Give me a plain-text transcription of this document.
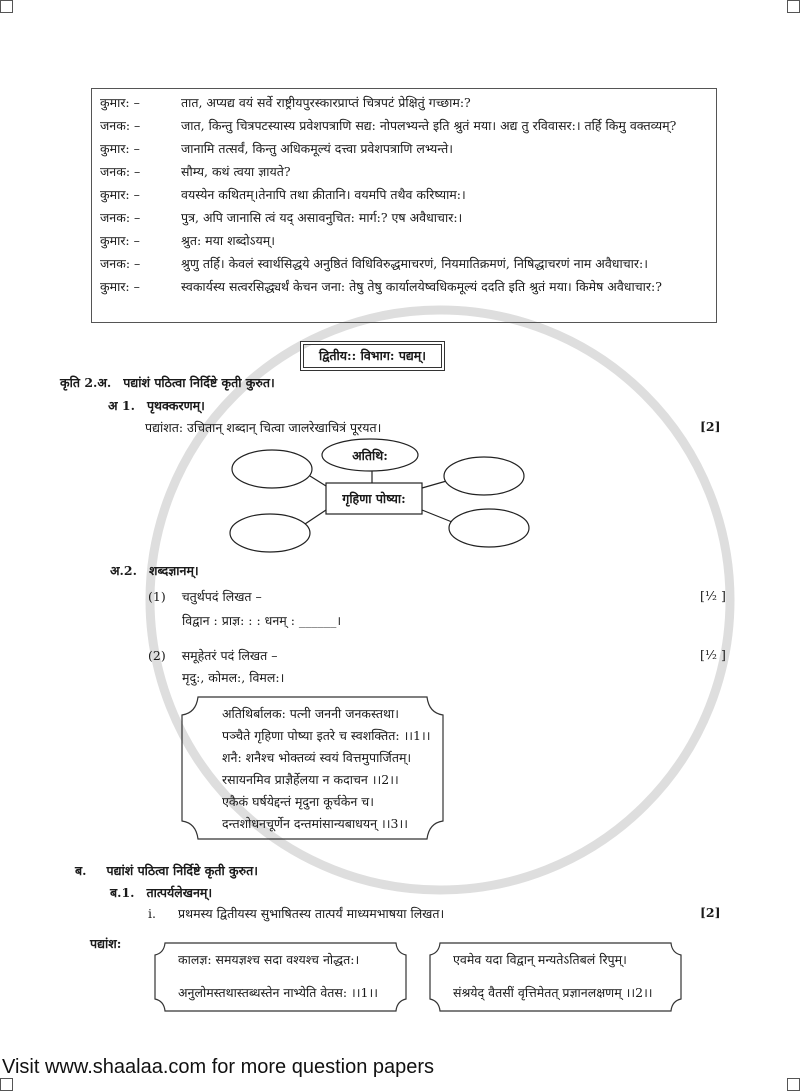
कुमार: –	तात, अप्यद्य वयं सर्वे राष्ट्रीयपुरस्कारप्राप्तं चित्रपटं प्रेक्षितुं गच्छाम:?
जनक: –	जात, किन्तु चित्रपटस्यास्य प्रवेशपत्राणि सद्य: नोपलभ्यन्ते इति श्रुतं मया। अद्य तु रविवासर:। तर्हि किमु वक्तव्यम्?
कुमार: –	जानामि तत्सर्वं, किन्तु अधिकमूल्यं दत्त्वा प्रवेशपत्राणि लभ्यन्ते।
जनक: –	सौम्य, कथं त्वया ज्ञायते?
कुमार: –	वयस्येन कथितम्।तेनापि तथा क्रीतानि। वयमपि तथैव करिष्याम:।
जनक: –	पुत्र, अपि जानासि त्वं यद् असावनुचित: मार्ग:? एष अवैधाचार:।
कुमार: –	श्रुत: मया शब्दोऽयम्।
जनक: –	श्रुणु तर्हि। केवलं स्वार्थसिद्धये अनुष्ठितं विधिविरुद्धमाचरणं, नियमातिक्रमणं, निषिद्धाचरणं नाम अवैधाचार:।
कुमार: –	स्वकार्यस्य सत्वरसिद्ध्यर्थं केचन जना: तेषु तेषु कार्यालयेष्वधिकमूल्यं ददति इति श्रुतं मया। किमेष अवैधाचार:?
द्वितीय:: विभाग: पद्यम्।
कृति 2.अ. पद्यांशं पठित्वा निर्दिष्टे कृती कुरुत।
अ 1. पृथक्करणम्।
पद्यांशत: उचितान् शब्दान् चित्वा जालरेखाचित्रं पूरयत।	[2]
अतिथि:
गृहिणा पोष्या:
अ.2. शब्दज्ञानम्।
(1) चतुर्थपदं लिखत –	[½ ]
विद्वान : प्राज्ञ: : : धनम् : ______।
(2) समूहेतरं पदं लिखत –	[½ ]
मृदु:, कोमल:, विमल:।
अतिथिर्बालक: पत्नी जननी जनकस्तथा।
पञ्चैते गृहिणा पोष्या इतरे च स्वशक्तित: ।।1।।
शनै: शनैश्च भोक्तव्यं स्वयं वित्तमुपार्जितम्।
रसायनमिव प्राज्ञैर्हेलया न कदाचन ।।2।।
एकैकं घर्षयेद्दन्तं मृदुना कूर्चकेन च।
दन्तशोधनचूर्णेन दन्तमांसान्यबाधयन् ।।3।।
ब. पद्यांशं पठित्वा निर्दिष्टे कृती कुरुत।
ब.1. तात्पर्यलेखनम्।
i. प्रथमस्य द्वितीयस्य सुभाषितस्य तात्पर्यं माध्यमभाषया लिखत।	[2]
पद्यांश:
कालज्ञ: समयज्ञश्च सदा वश्यश्च नोद्धत:।
अनुलोमस्तथास्तब्धस्तेन नाभ्येति वेतस: ।।1।।
एवमेव यदा विद्वान् मन्यतेऽतिबलं रिपुम्।
संश्रयेद् वैतसीं वृत्तिमेतत् प्रज्ञानलक्षणम् ।।2।।
Visit www.shaalaa.com for more question papers
